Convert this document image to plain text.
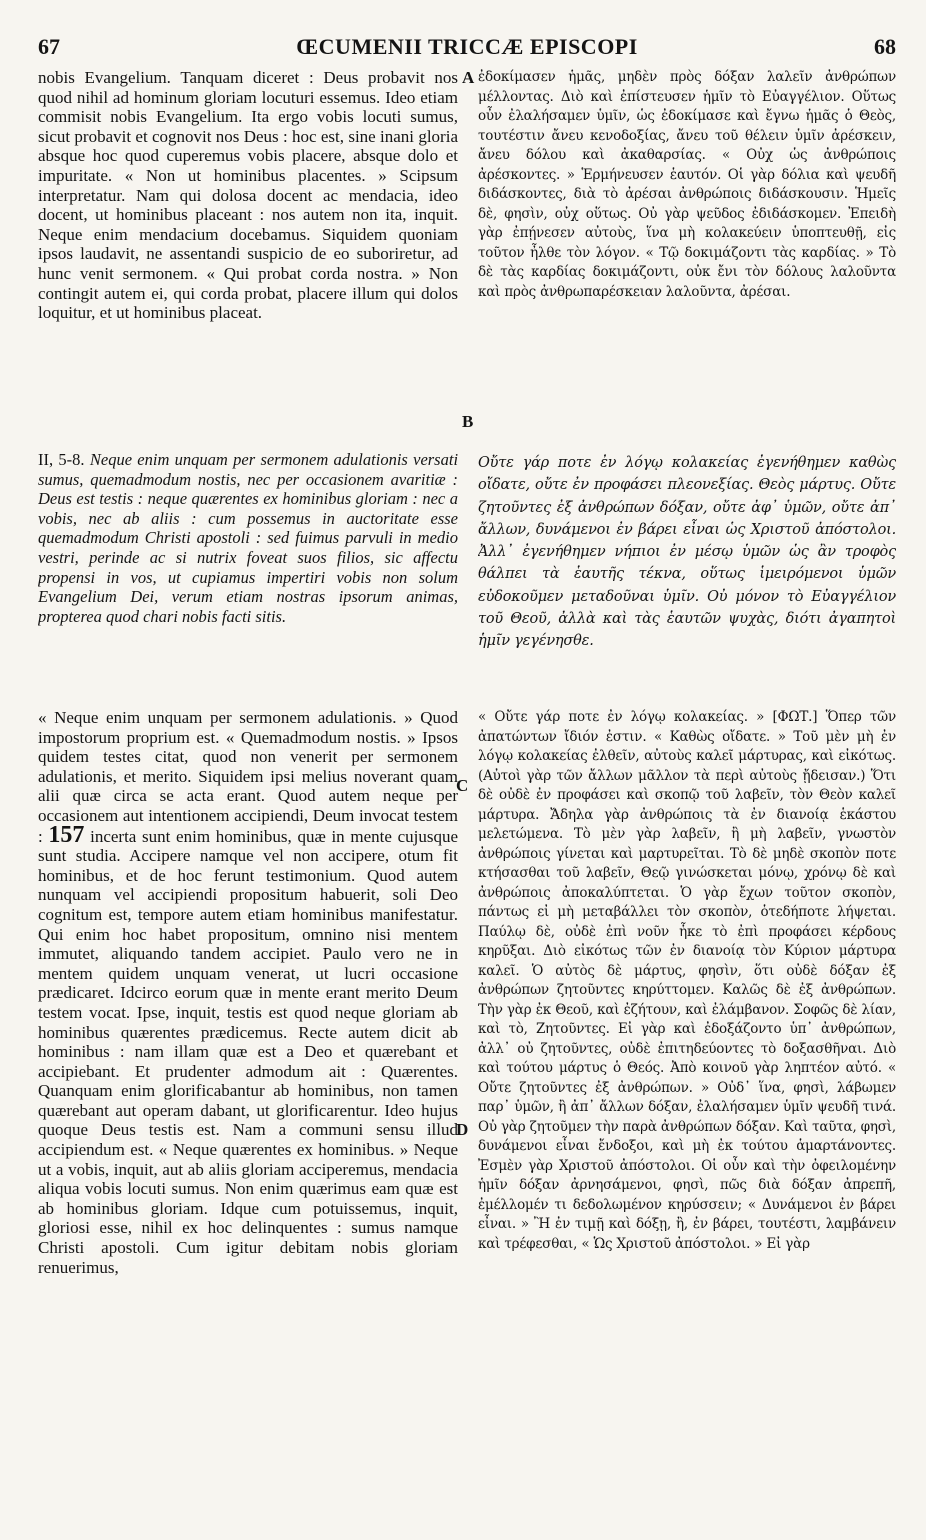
67	ŒCUMENII TRICCÆ EPISCOPI	68
A
B
C
D

nobis Evangelium. Tanquam diceret : Deus probavit nos quod nihil ad hominum gloriam locuturi essemus. Ideo etiam commisit nobis Evangelium. Ita ergo vobis locuti sumus, sicut probavit et cognovit nos Deus : hoc est, sine inani gloria absque hoc quod cuperemus vobis placere, absque dolo et impuritate. « Non ut hominibus placentes. » Scipsum interpretatur. Nam qui dolosa docent ac mendacia, ideo docent, ut hominibus placeant : nos autem non ita, inquit. Neque enim mendacium docebamus. Siquidem quoniam ipsos laudavit, ne assentandi suspicio de eo suboriretur, ad hunc venit sermonem. « Qui probat corda nostra. » Non contingit autem ei, qui corda probat, placere illum qui dolos loquitur, et ut hominibus placeat.

ἐδοκίμασεν ἡμᾶς, μηδὲν πρὸς δόξαν λαλεῖν ἀνθρώπων μέλλοντας. Διὸ καὶ ἐπίστευσεν ἡμῖν τὸ Εὐαγγέλιον. Οὕτως οὖν ἐλαλήσαμεν ὑμῖν, ὡς ἐδοκίμασε καὶ ἔγνω ἡμᾶς ὁ Θεὸς, τουτέστιν ἄνευ κενοδοξίας, ἄνευ τοῦ θέλειν ὑμῖν ἀρέσκειν, ἄνευ δόλου καὶ ἀκαθαρσίας. « Οὐχ ὡς ἀνθρώποις ἀρέσκοντες. » Ἑρμήνευσεν ἑαυτόν. Οἱ γὰρ δόλια καὶ ψευδῆ διδάσκοντες, διὰ τὸ ἀρέσαι ἀνθρώποις διδάσκουσιν. Ἡμεῖς δὲ, φησὶν, οὐχ οὕτως. Οὐ γὰρ ψεῦδος ἐδιδάσκομεν. Ἐπειδὴ γὰρ ἐπῄνεσεν αὐτοὺς, ἵνα μὴ κολακεύειν ὑποπτευθῇ, εἰς τοῦτον ἦλθε τὸν λόγον. « Τῷ δοκιμάζοντι τὰς καρδίας. » Τὸ δὲ τὰς καρδίας δοκιμάζοντι, οὐκ ἔνι τὸν δόλους λαλοῦντα καὶ πρὸς ἀνθρωπαρέσκειαν λαλοῦντα, ἀρέσαι.

II, 5-8. Neque enim unquam per sermonem adulationis versati sumus, quemadmodum nostis, nec per occasionem avaritiæ : Deus est testis : neque quærentes ex hominibus gloriam : nec a vobis, nec ab aliis : cum possemus in auctoritate esse quemadmodum Christi apostoli : sed fuimus parvuli in medio vestri, perinde ac si nutrix foveat suos filios, sic affectu propensi in vos, ut cupiamus impertiri vobis non solum Evangelium Dei, verum etiam nostras ipsorum animas, propterea quod chari nobis facti sitis.

Οὔτε γάρ ποτε ἐν λόγῳ κολακείας ἐγενήθημεν καθὼς οἴδατε, οὔτε ἐν προφάσει πλεονεξίας. Θεὸς μάρτυς. Οὔτε ζητοῦντες ἐξ ἀνθρώπων δόξαν, οὔτε ἀφ᾽ ὑμῶν, οὔτε ἀπ᾽ ἄλλων, δυνάμενοι ἐν βάρει εἶναι ὡς Χριστοῦ ἀπόστολοι. Ἀλλ᾽ ἐγενήθημεν νήπιοι ἐν μέσῳ ὑμῶν ὡς ἂν τροφὸς θάλπει τὰ ἑαυτῆς τέκνα, οὕτως ἱμειρόμενοι ὑμῶν εὐδοκοῦμεν μεταδοῦναι ὑμῖν. Οὐ μόνον τὸ Εὐαγγέλιον τοῦ Θεοῦ, ἀλλὰ καὶ τὰς ἑαυτῶν ψυχὰς, διότι ἀγαπητοὶ ἡμῖν γεγένησθε.

« Neque enim unquam per sermonem adulationis. » Quod impostorum proprium est. « Quemadmodum nostis. » Ipsos quidem testes citat, quod non venerit per sermonem adulationis, et merito. Siquidem ipsi melius noverant quam alii quæ circa se acta erant. Quod autem neque per occasionem aut intentionem accipiendi, Deum invocat testem : 157 incerta sunt enim hominibus, quæ in mente cujusque sunt studia. Accipere namque vel non accipere, otum fit hominibus, et de hoc ferunt testimonium. Quod autem nunquam vel accipiendi propositum habuerit, soli Deo cognitum est, tempore autem etiam hominibus manifestatur. Qui enim hoc habet propositum, omnino nisi mentem immutet, aliquando tandem accipiet. Paulo vero ne in mentem quidem unquam venerat, ut lucri occasione prædicaret. Idcirco eorum quæ in mente erant merito Deum testem vocat. Ipse, inquit, testis est quod neque gloriam ab hominibus quærentes prædicemus. Recte autem dicit ab hominibus : nam illam quæ est a Deo et quærebant et accipiebant. Et prudenter admodum ait : Quærentes. Quanquam enim glorificabantur ab hominibus, non tamen quærebant aut operam dabant, ut glorificarentur. Ideo hujus quoque Deus testis est. Nam a communi sensu illud accipiendum est. « Neque quærentes ex hominibus. » Neque ut a vobis, inquit, aut ab aliis gloriam acciperemus, mendacia aliqua vobis locuti sumus. Non enim quærimus eam quæ est ab hominibus gloriam. Idque cum potuissemus, inquit, gloriosi esse, nihil ex hoc delinquentes : sumus namque Christi apostoli. Cum igitur debitam nobis gloriam renuerimus,

« Οὔτε γάρ ποτε ἐν λόγῳ κολακείας. » [ΦΩΤ.] Ὅπερ τῶν ἀπατώντων ἴδιόν ἐστιν. « Καθὼς οἴδατε. » Τοῦ μὲν μὴ ἐν λόγῳ κολακείας ἐλθεῖν, αὐτοὺς καλεῖ μάρτυρας, καὶ εἰκότως. (Αὐτοὶ γὰρ τῶν ἄλλων μᾶλλον τὰ περὶ αὐτοὺς ᾔδεισαν.) Ὅτι δὲ οὐδὲ ἐν προφάσει καὶ σκοπῷ τοῦ λαβεῖν, τὸν Θεὸν καλεῖ μάρτυρα. Ἄδηλα γὰρ ἀνθρώποις τὰ ἐν διανοίᾳ ἑκάστου μελετώμενα. Τὸ μὲν γὰρ λαβεῖν, ἢ μὴ λαβεῖν, γνωστὸν ἀνθρώποις γίνεται καὶ μαρτυρεῖται. Τὸ δὲ μηδὲ σκοπὸν ποτε κτήσασθαι τοῦ λαβεῖν, Θεῷ γινώσκεται μόνῳ, χρόνῳ δὲ καὶ ἀνθρώποις ἀποκαλύπτεται. Ὁ γὰρ ἔχων τοῦτον σκοπὸν, πάντως εἰ μὴ μεταβάλλει τὸν σκοπὸν, ὁτεδήποτε λήψεται. Παύλῳ δὲ, οὐδὲ ἐπὶ νοῦν ἧκε τὸ ἐπὶ προφάσει κέρδους κηρῦξαι. Διὸ εἰκότως τῶν ἐν διανοίᾳ τὸν Κύριον μάρτυρα καλεῖ. Ὁ αὐτὸς δὲ μάρτυς, φησὶν, ὅτι οὐδὲ δόξαν ἐξ ἀνθρώπων ζητοῦντες κηρύττομεν. Καλῶς δὲ ἐξ ἀνθρώπων. Τὴν γὰρ ἐκ Θεοῦ, καὶ ἐζήτουν, καὶ ἐλάμβανον. Σοφῶς δὲ λίαν, καὶ τὸ, Ζητοῦντες. Εἰ γὰρ καὶ ἐδοξάζοντο ὑπ᾽ ἀνθρώπων, ἀλλ᾽ οὐ ζητοῦντες, οὐδὲ ἐπιτηδεύοντες τὸ δοξασθῆναι. Διὸ καὶ τούτου μάρτυς ὁ Θεός. Ἀπὸ κοινοῦ γὰρ ληπτέον αὐτό. « Οὔτε ζητοῦντες ἐξ ἀνθρώπων. » Οὐδ᾽ ἵνα, φησὶ, λάβωμεν παρ᾽ ὑμῶν, ἢ ἀπ᾽ ἄλλων δόξαν, ἐλαλήσαμεν ὑμῖν ψευδῆ τινά. Οὐ γὰρ ζητοῦμεν τὴν παρὰ ἀνθρώπων δόξαν. Καὶ ταῦτα, φησὶ, δυνάμενοι εἶναι ἔνδοξοι, καὶ μὴ ἐκ τούτου ἁμαρτάνοντες. Ἐσμὲν γὰρ Χριστοῦ ἀπόστολοι. Οἱ οὖν καὶ τὴν ὀφειλομένην ἡμῖν δόξαν ἀρνησάμενοι, φησὶ, πῶς διὰ δόξαν ἀπρεπῆ, ἐμέλλομέν τι δεδολωμένον κηρύσσειν; « Δυνάμενοι ἐν βάρει εἶναι. » Ἢ ἐν τιμῇ καὶ δόξῃ, ἢ, ἐν βάρει, τουτέστι, λαμβάνειν καὶ τρέφεσθαι, « Ὡς Χριστοῦ ἀπόστολοι. » Εἰ γὰρ
